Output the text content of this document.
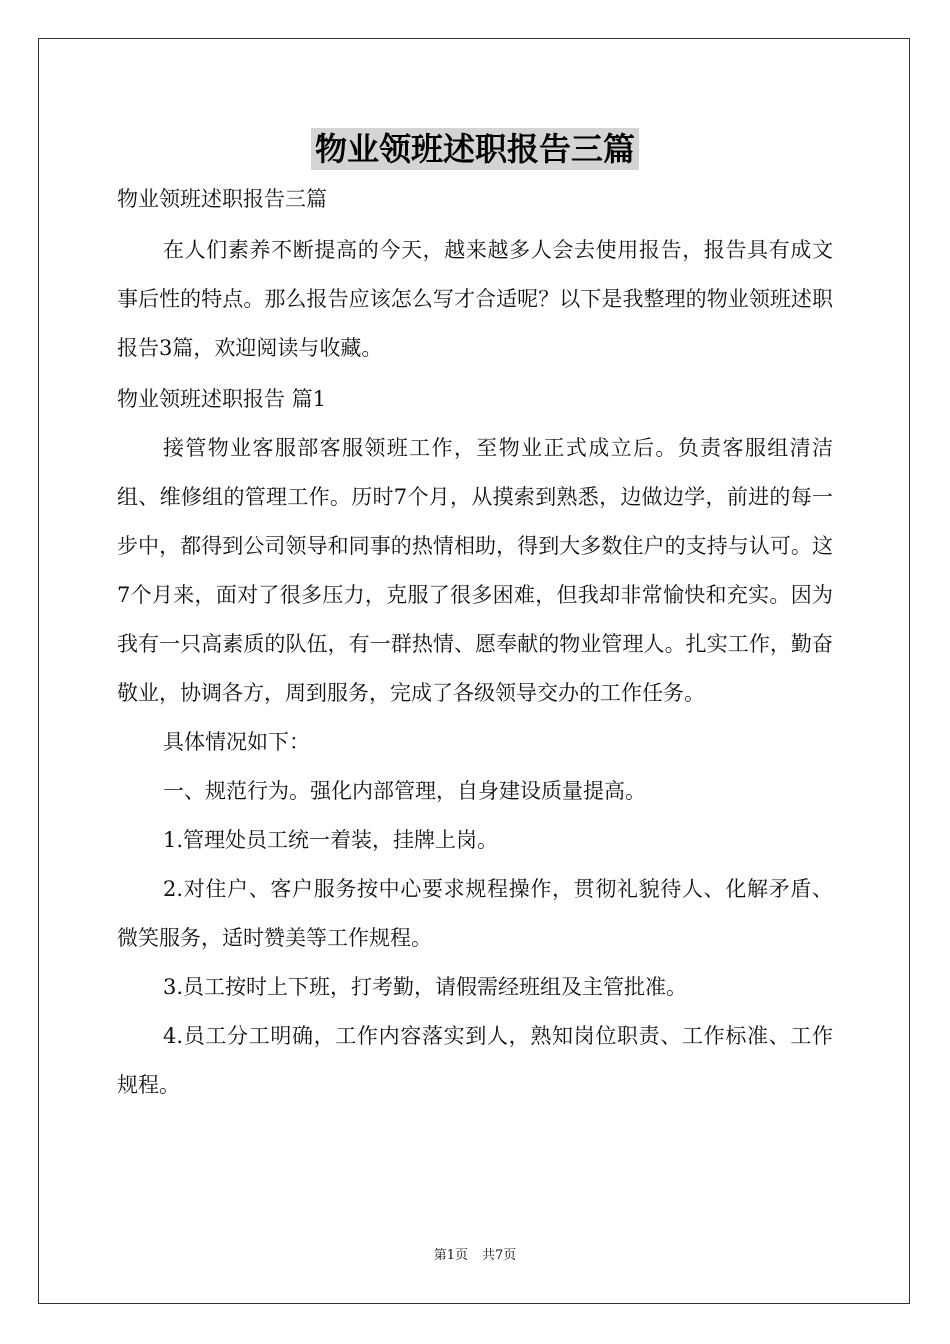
物业领班述职报告三篇
物业领班述职报告三篇

在人们素养不断提高的今天，越来越多人会去使用报告，报告具有成文事后性的特点。那么报告应该怎么写才合适呢？以下是我整理的物业领班述职报告3篇，欢迎阅读与收藏。

物业领班述职报告 篇1

接管物业客服部客服领班工作，至物业正式成立后。负责客服组清洁组、维修组的管理工作。历时7个月，从摸索到熟悉，边做边学，前进的每一步中，都得到公司领导和同事的热情相助，得到大多数住户的支持与认可。这7个月来，面对了很多压力，克服了很多困难，但我却非常愉快和充实。因为我有一只高素质的队伍，有一群热情、愿奉献的物业管理人。扎实工作，勤奋敬业，协调各方，周到服务，完成了各级领导交办的工作任务。

具体情况如下：

一、规范行为。强化内部管理，自身建设质量提高。

1.管理处员工统一着装，挂牌上岗。

2.对住户、客户服务按中心要求规程操作，贯彻礼貌待人、化解矛盾、微笑服务，适时赞美等工作规程。

3.员工按时上下班，打考勤，请假需经班组及主管批准。

4.员工分工明确，工作内容落实到人，熟知岗位职责、工作标准、工作规程。

第1页 共7页
